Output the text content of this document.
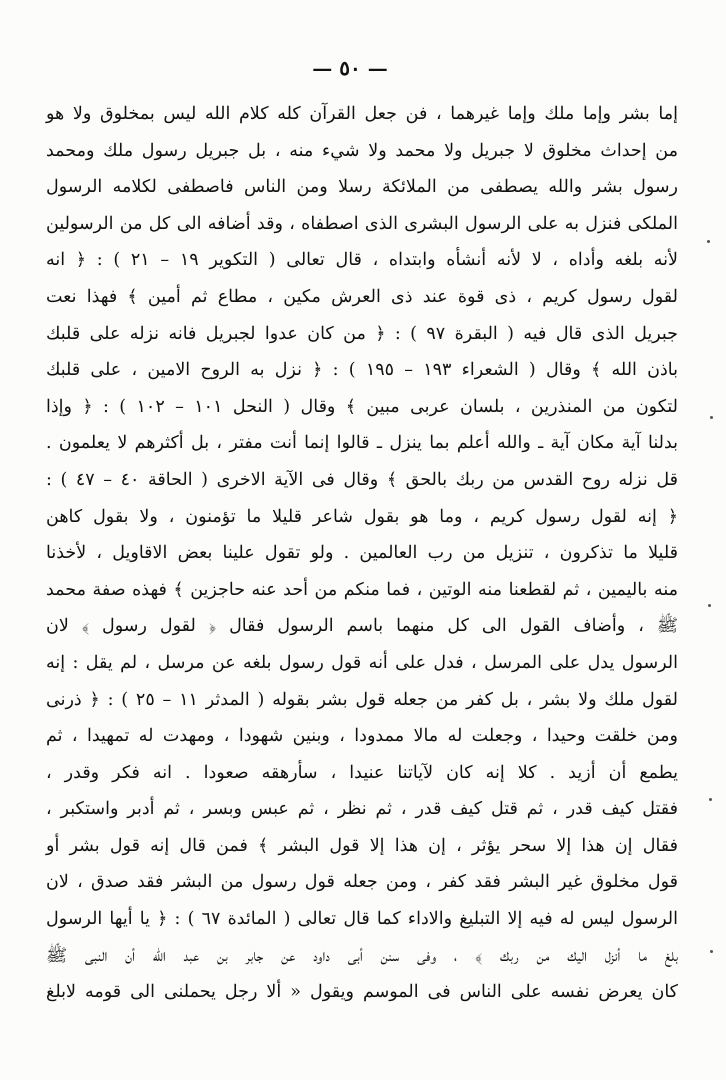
— ٥٠ —
إما بشر وإما ملك وإما غيرهما ، فن جعل القرآن كله كلام الله ليس بمخلوق ولا هو
من إحداث مخلوق لا جبريل ولا محمد ولا شيء منه ، بل جبريل رسول ملك ومحمد
رسول بشر والله يصطفى من الملائكة رسلا ومن الناس فاصطفى لكلامه الرسول
الملكى فنزل به على الرسول البشرى الذى اصطفاه ، وقد أضافه الى كل من الرسولين
لأنه بلغه وأداه ، لا لأنه أنشأه وابتداه ، قال تعالى ( التكوير ١٩ – ٢١ ) : ﴿ انه
لقول رسول كريم ، ذى قوة عند ذى العرش مكين ، مطاع ثم أمين ﴾ فهذا نعت
جبريل الذى قال فيه ( البقرة ٩٧ ) : ﴿ من كان عدوا لجبريل فانه نزله على قلبك
باذن الله ﴾ وقال ( الشعراء ١٩٣ – ١٩٥ ) : ﴿ نزل به الروح الامين ، على قلبك
لتكون من المنذرين ، بلسان عربى مبين ﴾ وقال ( النحل ١٠١ – ١٠٢ ) : ﴿ وإذا
بدلنا آية مكان آية ـ والله أعلم بما ينزل ـ قالوا إنما أنت مفتر ، بل أكثرهم لا يعلمون .
قل نزله روح القدس من ربك بالحق ﴾ وقال فى الآية الاخرى ( الحاقة ٤٠ – ٤٧ ) :
﴿ إنه لقول رسول كريم ، وما هو بقول شاعر قليلا ما تؤمنون ، ولا بقول كاهن
قليلا ما تذكرون ، تنزيل من رب العالمين . ولو تقول علينا بعض الاقاويل ، لأخذنا
منه باليمين ، ثم لقطعنا منه الوتين ، فما منكم من أحد عنه حاجزين ﴾ فهذه صفة محمد
ﷺ ، وأضاف القول الى كل منهما باسم الرسول فقال ﴿ لقول رسول ﴾ لان
الرسول يدل على المرسل ، فدل على أنه قول رسول بلغه عن مرسل ، لم يقل : إنه
لقول ملك ولا بشر ، بل كفر من جعله قول بشر بقوله ( المدثر ١١ – ٢٥ ) : ﴿ ذرنى
ومن خلقت وحيدا ، وجعلت له مالا ممدودا ، وبنين شهودا ، ومهدت له تمهيدا ، ثم
يطمع أن أزيد . كلا إنه كان لآياتنا عنيدا ، سأرهقه صعودا . انه فكر وقدر ،
فقتل كيف قدر ، ثم قتل كيف قدر ، ثم نظر ، ثم عبس وبسر ، ثم أدبر واستكبر ،
فقال إن هذا إلا سحر يؤثر ، إن هذا إلا قول البشر ﴾ فمن قال إنه قول بشر أو
قول مخلوق غير البشر فقد كفر ، ومن جعله قول رسول من البشر فقد صدق ، لان
الرسول ليس له فيه إلا التبليغ والاداء كما قال تعالى ( المائدة ٦٧ ) : ﴿ يا أيها الرسول
بلغ ما أنزل اليك من ربك ﴾ ، وفى سنن أبى داود عن جابر بن عبد الله أن النبى ﷺ
كان يعرض نفسه على الناس فى الموسم ويقول « ألا رجل يحملنى الى قومه لابلغ
